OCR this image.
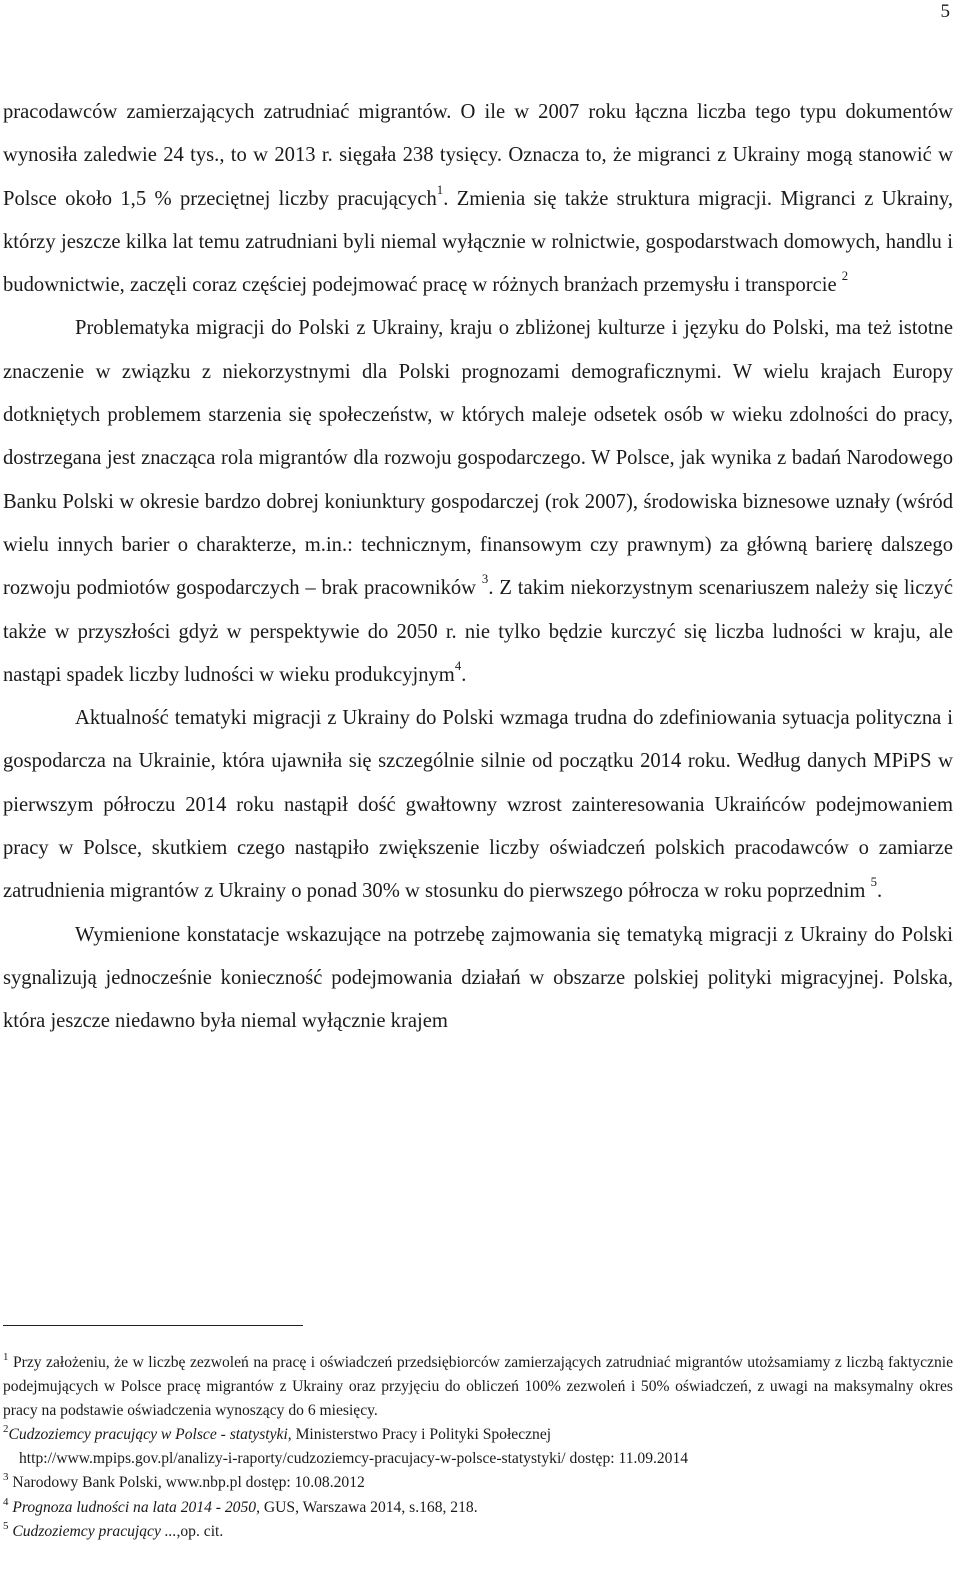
5

pracodawców zamierzających zatrudniać migrantów. O ile w 2007 roku łączna liczba tego typu dokumentów wynosiła zaledwie 24 tys., to w 2013 r. sięgała 238 tysięcy. Oznacza to, że migranci z Ukrainy mogą stanowić w Polsce około 1,5 % przeciętnej liczby pracujących$^1$. Zmienia się także struktura migracji. Migranci z Ukrainy, którzy jeszcze kilka lat temu zatrudniani byli niemal wyłącznie w rolnictwie, gospodarstwach domowych, handlu i budownictwie, zaczęli coraz częściej podejmować pracę w różnych branżach przemysłu i transporcie $^2$

Problematyka migracji do Polski z Ukrainy, kraju o zbliżonej kulturze i języku do Polski, ma też istotne znaczenie w związku z niekorzystnymi dla Polski prognozami demograficznymi. W wielu krajach Europy dotkniętych problemem starzenia się społeczeństw, w których maleje odsetek osób w wieku zdolności do pracy, dostrzegana jest znacząca rola migrantów dla rozwoju gospodarczego. W Polsce, jak wynika z badań Narodowego Banku Polski w okresie bardzo dobrej koniunktury gospodarczej (rok 2007), środowiska biznesowe uznały (wśród wielu innych barier o charakterze, m.in.: technicznym, finansowym czy prawnym) za główną barierę dalszego rozwoju podmiotów gospodarczych – brak pracowników $^3$. Z takim niekorzystnym scenariuszem należy się liczyć także w przyszłości gdyż w perspektywie do 2050 r. nie tylko będzie kurczyć się liczba ludności w kraju, ale nastąpi spadek liczby ludności w wieku produkcyjnym$^4$.

Aktualność tematyki migracji z Ukrainy do Polski wzmaga trudna do zdefiniowania sytuacja polityczna i gospodarcza na Ukrainie, która ujawniła się szczególnie silnie od początku 2014 roku. Według danych MPiPS w pierwszym półroczu 2014 roku nastąpił dość gwałtowny wzrost zainteresowania Ukraińców podejmowaniem pracy w Polsce, skutkiem czego nastąpiło zwiększenie liczby oświadczeń polskich pracodawców o zamiarze zatrudnienia migrantów z Ukrainy o ponad 30% w stosunku do pierwszego półrocza w roku poprzednim $^5$.

Wymienione konstatacje wskazujące na potrzebę zajmowania się tematyką migracji z Ukrainy do Polski sygnalizują jednocześnie konieczność podejmowania działań w obszarze polskiej polityki migracyjnej. Polska, która jeszcze niedawno była niemal wyłącznie krajem

$^1$ Przy założeniu, że w liczbę zezwoleń na pracę i oświadczeń przedsiębiorców zamierzających zatrudniać migrantów utożsamiamy z liczbą faktycznie podejmujących w Polsce pracę migrantów z Ukrainy oraz przyjęciu do obliczeń 100% zezwoleń i 50% oświadczeń, z uwagi na maksymalny okres pracy na podstawie oświadczenia wynoszący do 6 miesięcy.

$^2$Cudzoziemcy pracujący w Polsce - statystyki, Ministerstwo Pracy i Polityki Społecznej

http://www.mpips.gov.pl/analizy-i-raporty/cudzoziemcy-pracujacy-w-polsce-statystyki/ dostęp: 11.09.2014

$^3$ Narodowy Bank Polski, www.nbp.pl dostęp: 10.08.2012

$^4$ Prognoza ludności na lata 2014 - 2050, GUS, Warszawa 2014, s.168, 218.

$^5$ Cudzoziemcy pracujący ...,op. cit.
